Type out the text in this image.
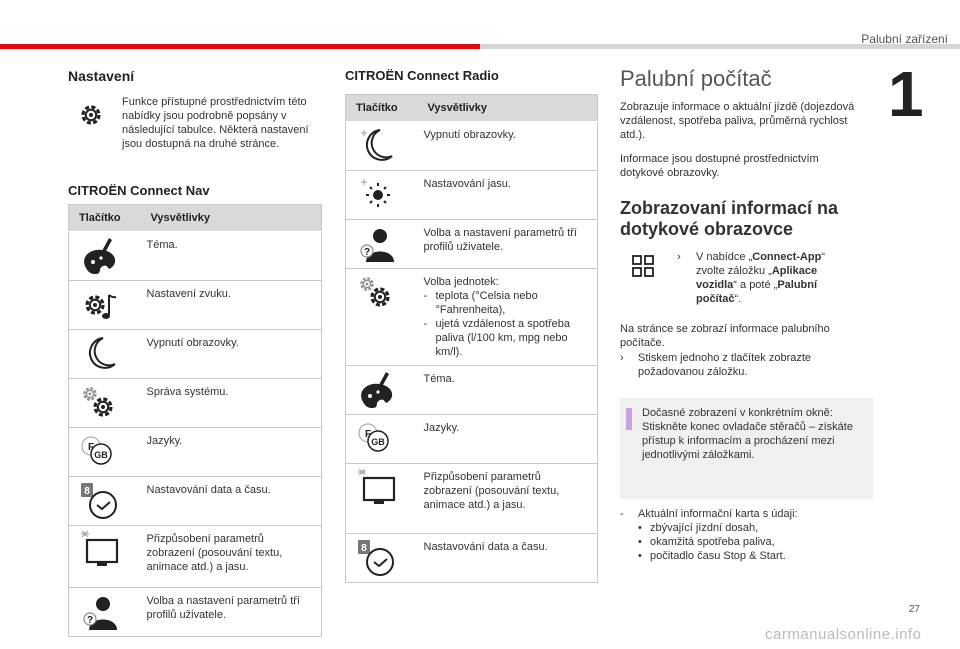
Palubní zařízení
1
Nastavení
Funkce přístupné prostřednictvím této nabídky jsou podrobně popsány v následující tabulce. Některá nastavení jsou dostupná na druhé stránce.
CITROËN Connect Nav
Tlačítko	Vysvětlivky
	Téma.
	Nastavení zvuku.
	Vypnutí obrazovky.
	Správa systému.
	Jazyky.
	Nastavování data a času.
	Přizpůsobení parametrů zobrazení (posouvání textu, animace atd.) a jasu.
	Volba a nastavení parametrů tří profilů uživatele.
CITROËN Connect Radio
Tlačítko	Vysvětlivky
	Vypnutí obrazovky.
	Nastavování jasu.
	Volba a nastavení parametrů tří profilů uživatele.

Volba jednotek:
- teplota (°Celsia nebo °Fahrenheita),
- ujetá vzdálenost a spotřeba paliva (l/100 km, mpg nebo km/l).

	Téma.
	Jazyky.
	Přizpůsobení parametrů zobrazení (posouvání textu, animace atd.) a jasu.
	Nastavování data a času.
Palubní počítač
Zobrazuje informace o aktuální jízdě (dojezdová vzdálenost, spotřeba paliva, průměrná rychlost atd.).
Informace jsou dostupné prostřednictvím dotykové obrazovky.
Zobrazovaní informací na dotykové obrazovce
›	V nabídce „Connect-App“ zvolte záložku „Aplikace vozidla“ a poté „Palubní počítač“.
Na stránce se zobrazí informace palubního počítače.
›	Stiskem jednoho z tlačítek zobrazte požadovanou záložku.
Dočasné zobrazení v konkrétním okně: Stiskněte konec ovladače stěračů – získáte přístup k informacím a procházení mezi jednotlivými záložkami.
-	Aktuální informační karta s údaji:
• zbývající jízdní dosah,
• okamžitá spotřeba paliva,
• počitadlo času Stop & Start.
27
carmanualsonline.info
